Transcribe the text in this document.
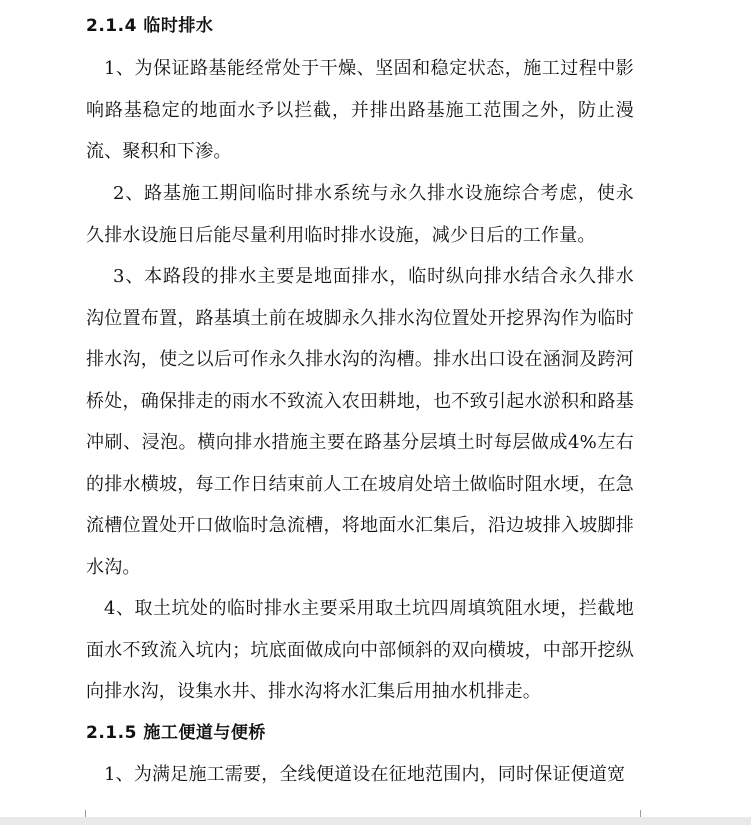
2.1.4 临时排水

1、为保证路基能经常处于干燥、坚固和稳定状态，施工过程中影响路基稳定的地面水予以拦截，并排出路基施工范围之外，防止漫流、聚积和下渗。

2、路基施工期间临时排水系统与永久排水设施综合考虑，使永久排水设施日后能尽量利用临时排水设施，减少日后的工作量。

3、本路段的排水主要是地面排水，临时纵向排水结合永久排水沟位置布置，路基填土前在坡脚永久排水沟位置处开挖界沟作为临时排水沟，使之以后可作永久排水沟的沟槽。排水出口设在涵洞及跨河桥处，确保排走的雨水不致流入农田耕地，也不致引起水淤积和路基冲刷、浸泡。横向排水措施主要在路基分层填土时每层做成4%左右的排水横坡，每工作日结束前人工在坡肩处培土做临时阻水埂，在急流槽位置处开口做临时急流槽，将地面水汇集后，沿边坡排入坡脚排水沟。

4、取土坑处的临时排水主要采用取土坑四周填筑阻水埂，拦截地面水不致流入坑内；坑底面做成向中部倾斜的双向横坡，中部开挖纵向排水沟，设集水井、排水沟将水汇集后用抽水机排走。

2.1.5 施工便道与便桥

1、为满足施工需要，全线便道设在征地范围内，同时保证便道宽
